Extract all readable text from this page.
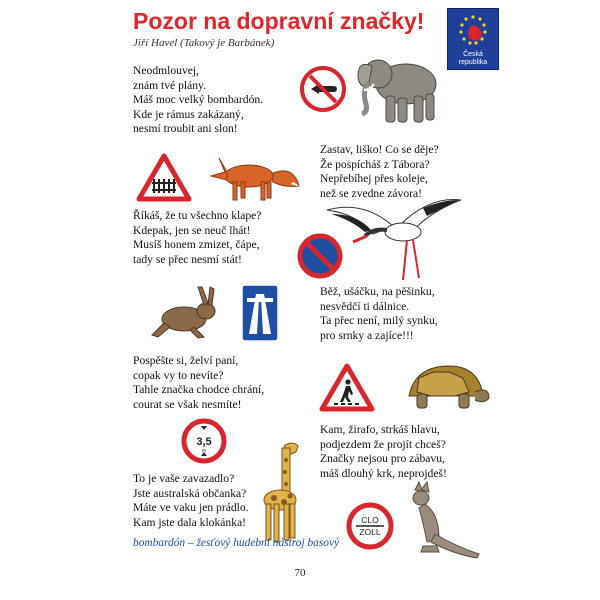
Pozor na dopravní značky!
Jiří Havel (Takový je Barbánek)
Česká republika
Neodmlouvej,
znám tvé plány.
Máš moc velký bombardón.
Kde je rámus zakázaný,
nesmí troubit ani slon!
Zastav, liško! Co se děje?
Že pospícháš z Tábora?
Nepřebíhej přes koleje,
než se zvedne závora!
Říkáš, že tu všechno klape?
Kdepak, jen se neuč lhát!
Musíš honem zmizet, čápe,
tady se přec nesmí stát!
Běž, ušáčku, na pěšinku,
nesvědčí ti dálnice.
Ta přec není, milý synku,
pro srnky a zajíce!!!
Pospěšte si, želví paní,
copak vy to nevíte?
Tahle značka chodce chrání,
courat se však nesmíte!
Kam, žirafo, strkáš hlavu,
podjezdem že projít chceš?
Značky nejsou pro zábavu,
máš dlouhý krk, neprojdeš!
To je vaše zavazadlo?
Jste australská občanka?
Máte ve vaku jen prádlo.
Kam jste dala klokánka!
3,5
m
CLO
ZOLL
bombardón – žesťový hudební nástroj basový
70
